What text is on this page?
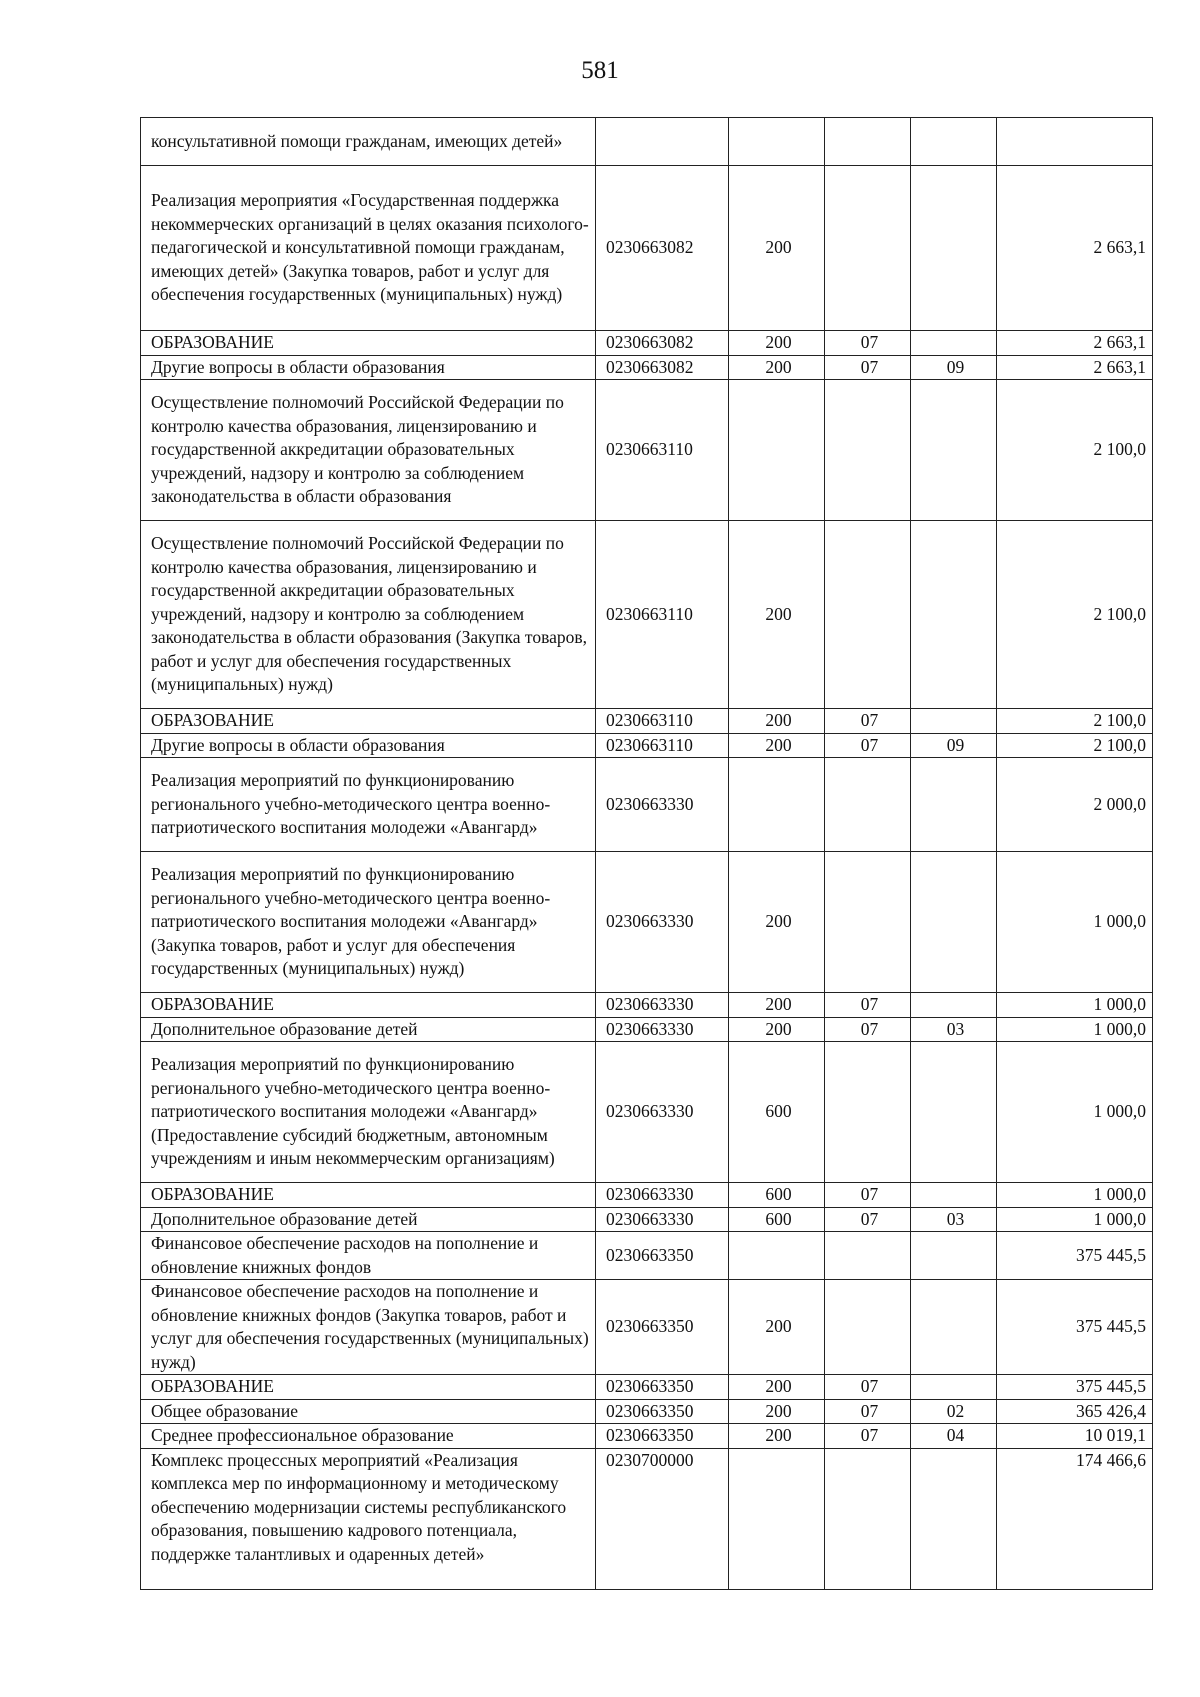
581
консультативной помощи гражданам, имеющих детей»					
Реализация мероприятия «Государственная поддержка некоммерческих организаций в целях оказания психолого-педагогической и консультативной помощи гражданам, имеющих детей» (Закупка товаров, работ и услуг для обеспечения государственных (муниципальных) нужд)	0230663082	200			2 663,1
ОБРАЗОВАНИЕ	0230663082	200	07		2 663,1
Другие вопросы в области образования	0230663082	200	07	09	2 663,1
Осуществление полномочий Российской Федерации по контролю качества образования, лицензированию и государственной аккредитации образовательных учреждений, надзору и контролю за соблюдением законодательства в области образования	0230663110				2 100,0
Осуществление полномочий Российской Федерации по контролю качества образования, лицензированию и государственной аккредитации образовательных учреждений, надзору и контролю за соблюдением законодательства в области образования (Закупка товаров, работ и услуг для обеспечения государственных (муниципальных) нужд)	0230663110	200			2 100,0
ОБРАЗОВАНИЕ	0230663110	200	07		2 100,0
Другие вопросы в области образования	0230663110	200	07	09	2 100,0
Реализация мероприятий по функционированию регионального учебно-методического центра военно-патриотического воспитания молодежи «Авангард»	0230663330				2 000,0
Реализация мероприятий по функционированию регионального учебно-методического центра военно-патриотического воспитания молодежи «Авангард» (Закупка товаров, работ и услуг для обеспечения государственных (муниципальных) нужд)	0230663330	200			1 000,0
ОБРАЗОВАНИЕ	0230663330	200	07		1 000,0
Дополнительное образование детей	0230663330	200	07	03	1 000,0
Реализация мероприятий по функционированию регионального учебно-методического центра военно-патриотического воспитания молодежи «Авангард» (Предоставление субсидий бюджетным, автономным учреждениям и иным некоммерческим организациям)	0230663330	600			1 000,0
ОБРАЗОВАНИЕ	0230663330	600	07		1 000,0
Дополнительное образование детей	0230663330	600	07	03	1 000,0
Финансовое обеспечение расходов на пополнение и обновление книжных фондов	0230663350				375 445,5
Финансовое обеспечение расходов на пополнение и обновление книжных фондов (Закупка товаров, работ и услуг для обеспечения государственных (муниципальных) нужд)	0230663350	200			375 445,5
ОБРАЗОВАНИЕ	0230663350	200	07		375 445,5
Общее образование	0230663350	200	07	02	365 426,4
Среднее профессиональное образование	0230663350	200	07	04	10 019,1
Комплекс процессных мероприятий «Реализация комплекса мер по информационному и методическому обеспечению модернизации системы республиканского образования, повышению кадрового потенциала, поддержке талантливых и одаренных детей»	0230700000				174 466,6
